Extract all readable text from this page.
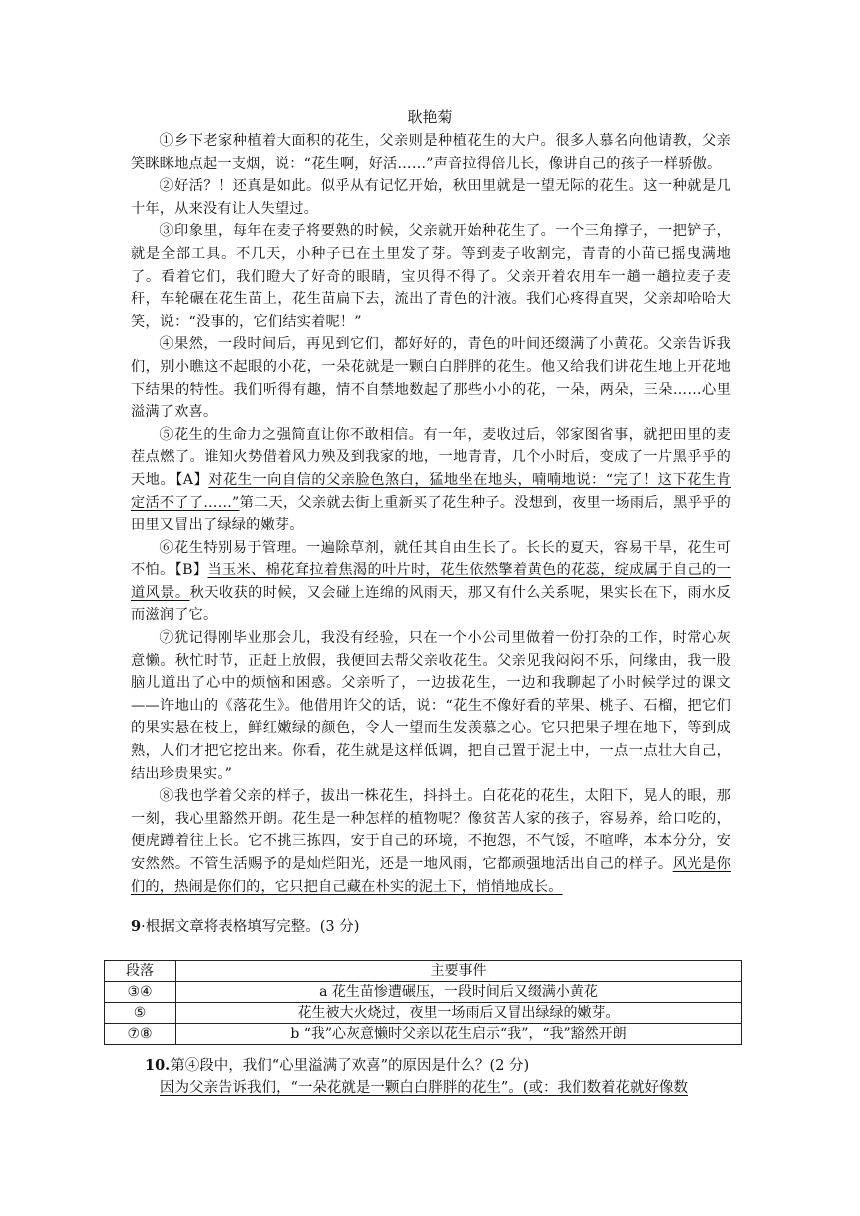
耿艳菊

①乡下老家种植着大面积的花生，父亲则是种植花生的大户。很多人慕名向他请教，父亲笑眯眯地点起一支烟，说：“花生啊，好活……”声音拉得倍儿长，像讲自己的孩子一样骄傲。

②好活？！还真是如此。似乎从有记忆开始，秋田里就是一望无际的花生。这一种就是几十年，从来没有让人失望过。

③印象里，每年在麦子将要熟的时候，父亲就开始种花生了。一个三角撑子，一把铲子，就是全部工具。不几天，小种子已在土里发了芽。等到麦子收割完，青青的小苗已摇曳满地了。看着它们，我们瞪大了好奇的眼睛，宝贝得不得了。父亲开着农用车一趟一趟拉麦子麦秆，车轮碾在花生苗上，花生苗扁下去，流出了青色的汁液。我们心疼得直哭，父亲却哈哈大笑，说：“没事的，它们结实着呢！”

④果然，一段时间后，再见到它们，都好好的，青色的叶间还缀满了小黄花。父亲告诉我们，别小瞧这不起眼的小花，一朵花就是一颗白白胖胖的花生。他又给我们讲花生地上开花地下结果的特性。我们听得有趣，情不自禁地数起了那些小小的花，一朵，两朵，三朵……心里溢满了欢喜。

⑤花生的生命力之强简直让你不敢相信。有一年，麦收过后，邻家图省事，就把田里的麦茬点燃了。谁知火势借着风力殃及到我家的地，一地青青，几个小时后，变成了一片黑乎乎的天地。【A】对花生一向自信的父亲脸色煞白，猛地坐在地头，喃喃地说：“完了！这下花生肯定活不了了……”第二天，父亲就去街上重新买了花生种子。没想到，夜里一场雨后，黑乎乎的田里又冒出了绿绿的嫩芽。

⑥花生特别易于管理。一遍除草剂，就任其自由生长了。长长的夏天，容易干旱，花生可不怕。【B】当玉米、棉花耷拉着焦渴的叶片时，花生依然擎着黄色的花蕊，绽成属于自己的一道风景。秋天收获的时候，又会碰上连绵的风雨天，那又有什么关系呢，果实长在下，雨水反而滋润了它。

⑦犹记得刚毕业那会儿，我没有经验，只在一个小公司里做着一份打杂的工作，时常心灰意懒。秋忙时节，正赶上放假，我便回去帮父亲收花生。父亲见我闷闷不乐，问缘由，我一股脑儿道出了心中的烦恼和困惑。父亲听了，一边拔花生，一边和我聊起了小时候学过的课文——许地山的《落花生》。他借用许父的话，说：“花生不像好看的苹果、桃子、石榴，把它们的果实悬在枝上，鲜红嫩绿的颜色，令人一望而生发羡慕之心。它只把果子埋在地下，等到成熟，人们才把它挖出来。你看，花生就是这样低调，把自己置于泥土中，一点一点壮大自己，结出珍贵果实。”

⑧我也学着父亲的样子，拔出一株花生，抖抖土。白花花的花生，太阳下，晃人的眼，那一刻，我心里豁然开朗。花生是一种怎样的植物呢？像贫苦人家的孩子，容易养，给口吃的，便虎蹲着往上长。它不挑三拣四，安于自己的环境，不抱怨，不气馁，不喧哗，本本分分，安安然然。不管生活赐予的是灿烂阳光，还是一地风雨，它都顽强地活出自己的样子。风光是你们的，热闹是你们的，它只把自己藏在朴实的泥土下，悄悄地成长。

9·根据文章将表格填写完整。(3 分)
段落	主要事件
③④	a 花生苗惨遭碾压，一段时间后又缀满小黄花
⑤	花生被大火烧过，夜里一场雨后又冒出绿绿的嫩芽。
⑦⑧	b “我”心灰意懒时父亲以花生启示“我”，“我”豁然开朗
10.第④段中，我们“心里溢满了欢喜”的原因是什么？(2 分)
因为父亲告诉我们，“一朵花就是一颗白白胖胖的花生”。(或：我们数着花就好像数
